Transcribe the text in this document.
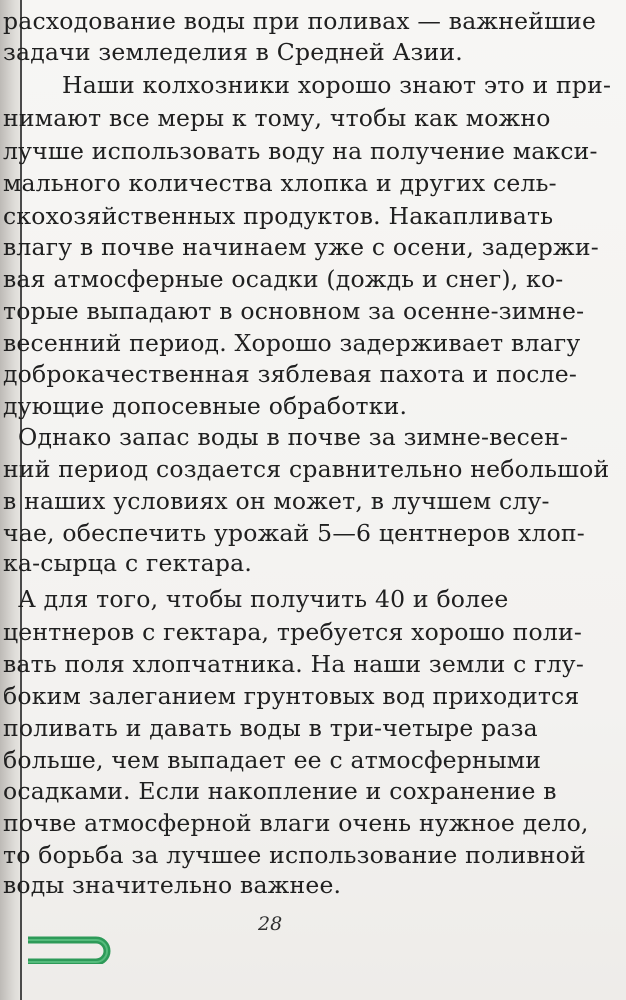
расходование воды при поливах — важнейшие
задачи земледелия в Средней Азии.
Наши колхозники хорошо знают это и при-
нимают все меры к тому, чтобы как можно
лучше использовать воду на получение макси-
мального количества хлопка и других сель-
скохозяйственных продуктов. Накапливать
влагу в почве начинаем уже с осени, задержи-
вая атмосферные осадки (дождь и снег), ко-
торые выпадают в основном за осенне-зимне-
весенний период. Хорошо задерживает влагу
доброкачественная зяблевая пахота и после-
дующие допосевные обработки.
Однако запас воды в почве за зимне-весен-
ний период создается сравнительно небольшой
в наших условиях он может, в лучшем слу-
чае, обеспечить урожай 5—6 центнеров хлоп-
ка-сырца с гектара.
А для того, чтобы получить 40 и более
центнеров с гектара, требуется хорошо поли-
вать поля хлопчатника. На наши земли с глу-
боким залеганием грунтовых вод приходится
поливать и давать воды в три-четыре раза
больше, чем выпадает ее с атмосферными
осадками. Если накопление и сохранение в
почве атмосферной влаги очень нужное дело,
то борьба за лучшее использование поливной
воды значительно важнее.
28
